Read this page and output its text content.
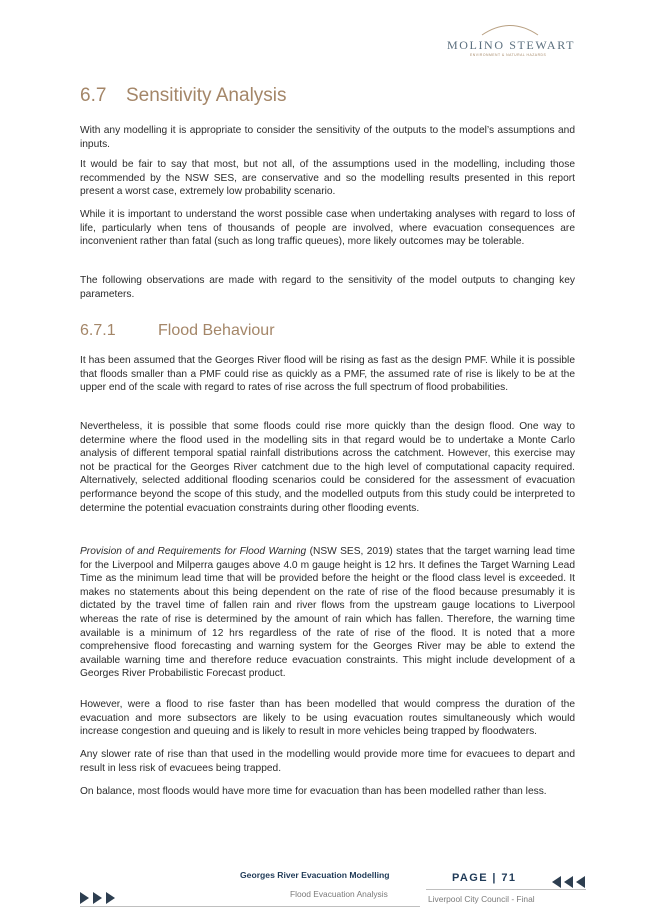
MOLINO STEWART
ENVIRONMENT & NATURAL HAZARDS
6.7 Sensitivity Analysis

With any modelling it is appropriate to consider the sensitivity of the outputs to the model’s assumptions and inputs.

It would be fair to say that most, but not all, of the assumptions used in the modelling, including those recommended by the NSW SES, are conservative and so the modelling results presented in this report present a worst case, extremely low probability scenario.

While it is important to understand the worst possible case when undertaking analyses with regard to loss of life, particularly when tens of thousands of people are involved, where evacuation consequences are inconvenient rather than fatal (such as long traffic queues), more likely outcomes may be tolerable.

The following observations are made with regard to the sensitivity of the model outputs to changing key parameters.

6.7.1	Flood Behaviour

It has been assumed that the Georges River flood will be rising as fast as the design PMF. While it is possible that floods smaller than a PMF could rise as quickly as a PMF, the assumed rate of rise is likely to be at the upper end of the scale with regard to rates of rise across the full spectrum of flood probabilities.

Nevertheless, it is possible that some floods could rise more quickly than the design flood. One way to determine where the flood used in the modelling sits in that regard would be to undertake a Monte Carlo analysis of different temporal spatial rainfall distributions across the catchment. However, this exercise may not be practical for the Georges River catchment due to the high level of computational capacity required. Alternatively, selected additional flooding scenarios could be considered for the assessment of evacuation performance beyond the scope of this study, and the modelled outputs from this study could be interpreted to determine the potential evacuation constraints during other flooding events.

Provision of and Requirements for Flood Warning (NSW SES, 2019) states that the target warning lead time for the Liverpool and Milperra gauges above 4.0 m gauge height is 12 hrs. It defines the Target Warning Lead Time as the minimum lead time that will be provided before the height or the flood class level is exceeded. It makes no statements about this being dependent on the rate of rise of the flood because presumably it is dictated by the travel time of fallen rain and river flows from the upstream gauge locations to Liverpool whereas the rate of rise is determined by the amount of rain which has fallen. Therefore, the warning time available is a minimum of 12 hrs regardless of the rate of rise of the flood. It is noted that a more comprehensive flood forecasting and warning system for the Georges River may be able to extend the available warning time and therefore reduce evacuation constraints. This might include development of a Georges River Probabilistic Forecast product.

However, were a flood to rise faster than has been modelled that would compress the duration of the evacuation and more subsectors are likely to be using evacuation routes simultaneously which would increase congestion and queuing and is likely to result in more vehicles being trapped by floodwaters.

Any slower rate of rise than that used in the modelling would provide more time for evacuees to depart and result in less risk of evacuees being trapped.

On balance, most floods would have more time for evacuation than has been modelled rather than less.

Georges River Evacuation Modelling
Flood Evacuation Analysis
PAGE | 71
Liverpool City Council - Final
